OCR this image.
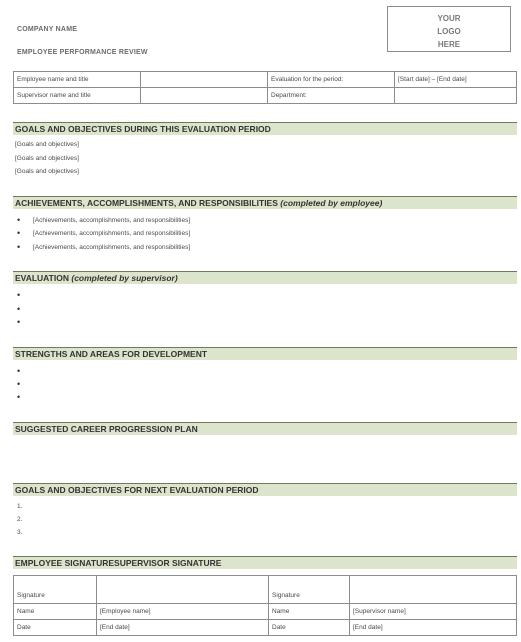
COMPANY NAME
EMPLOYEE PERFORMANCE REVIEW
YOUR
LOGO
HERE
Employee name and title		Evaluation for the period:	[Start date] – [End date]
Supervisor name and title		Department:	
GOALS AND OBJECTIVES DURING THIS EVALUATION PERIOD
[Goals and objectives]
[Goals and objectives]
[Goals and objectives]
ACHIEVEMENTS, ACCOMPLISHMENTS, AND RESPONSIBILITIES (completed by employee)
• [Achievements, accomplishments, and responsibilities]
• [Achievements, accomplishments, and responsibilities]
• [Achievements, accomplishments, and responsibilities]
EVALUATION (completed by supervisor)
•
•
•
STRENGTHS AND AREAS FOR DEVELOPMENT
•
•
•
SUGGESTED CAREER PROGRESSION PLAN
GOALS AND OBJECTIVES FOR NEXT EVALUATION PERIOD
1.
2.
3.
EMPLOYEE SIGNATURESUPERVISOR SIGNATURE
Signature		Signature	
Name	[Employee name]	Name	[Supervisor name]
Date	[End date]	Date	[End date]
